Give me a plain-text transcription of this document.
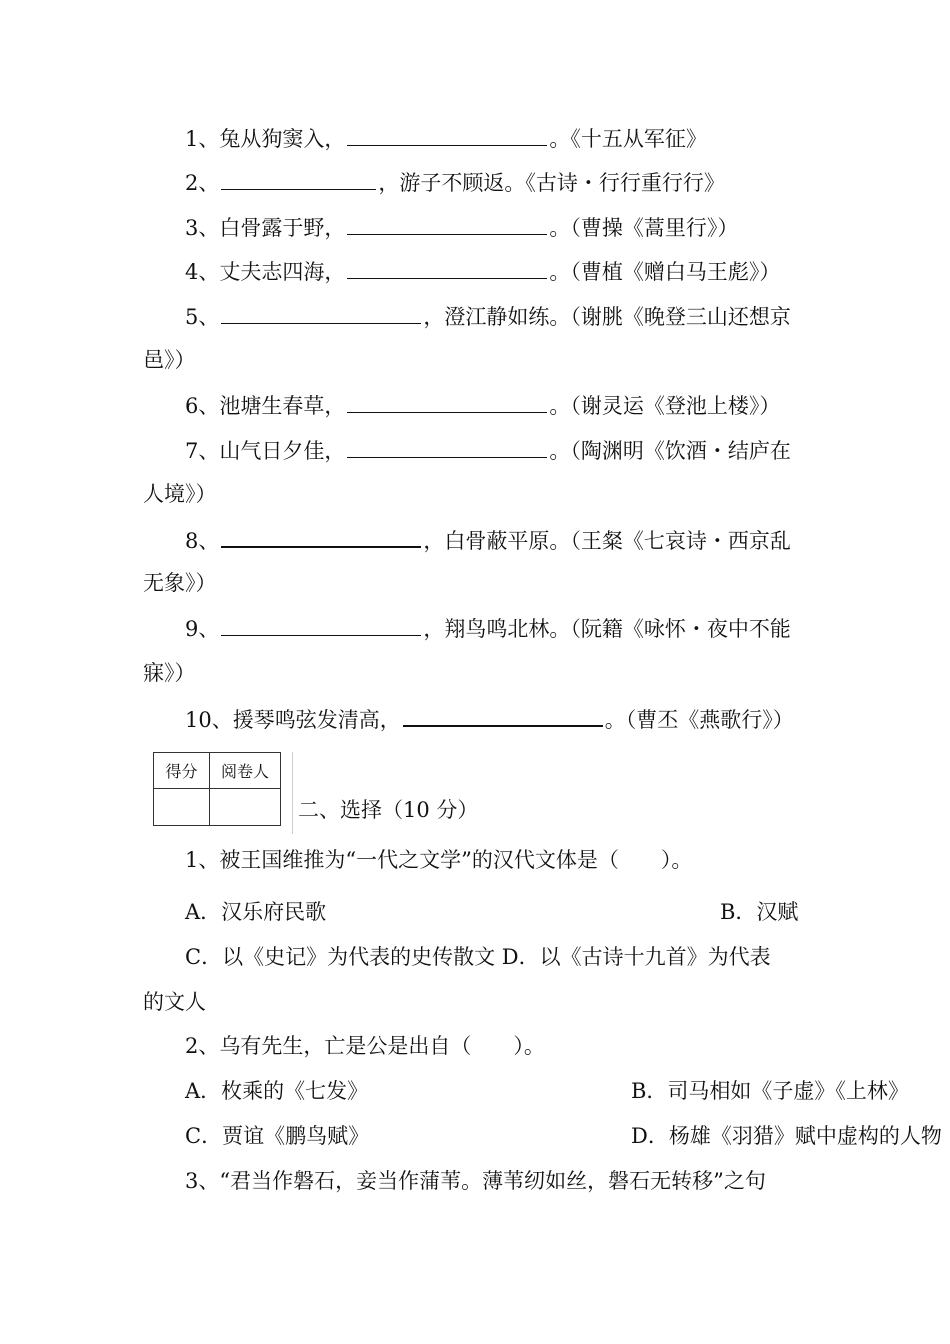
1、兔从狗窦入，	。《十五从军征》
2、	，游子不顾返。《古诗・行行重行行》
3、白骨露于野，	。（曹操《蒿里行》）
4、丈夫志四海，	。（曹植《赠白马王彪》）
5、	，澄江静如练。（谢朓《晚登三山还想京
邑》）
6、池塘生春草，	。（谢灵运《登池上楼》）
7、山气日夕佳，	。（陶渊明《饮酒・结庐在
人境》）
8、	，白骨蔽平原。（王粲《七哀诗・西京乱
无象》）
9、	，翔鸟鸣北林。（阮籍《咏怀・夜中不能
寐》）
10、援琴鸣弦发清高，	。（曹丕《燕歌行》）
得分	阅卷人

二、选择（10 分）
1、被王国维推为“一代之文学”的汉代文体是（　　）。
A．汉乐府民歌	B．汉赋
C．以《史记》为代表的史传散文 D．以《古诗十九首》为代表
的文人
2、乌有先生，亡是公是出自（　　）。
A．枚乘的《七发》	B．司马相如《子虚》《上林》
C．贾谊《鹏鸟赋》	D．杨雄《羽猎》赋中虚构的人物
3、“君当作磐石，妾当作蒲苇。薄苇纫如丝，磐石无转移”之句
